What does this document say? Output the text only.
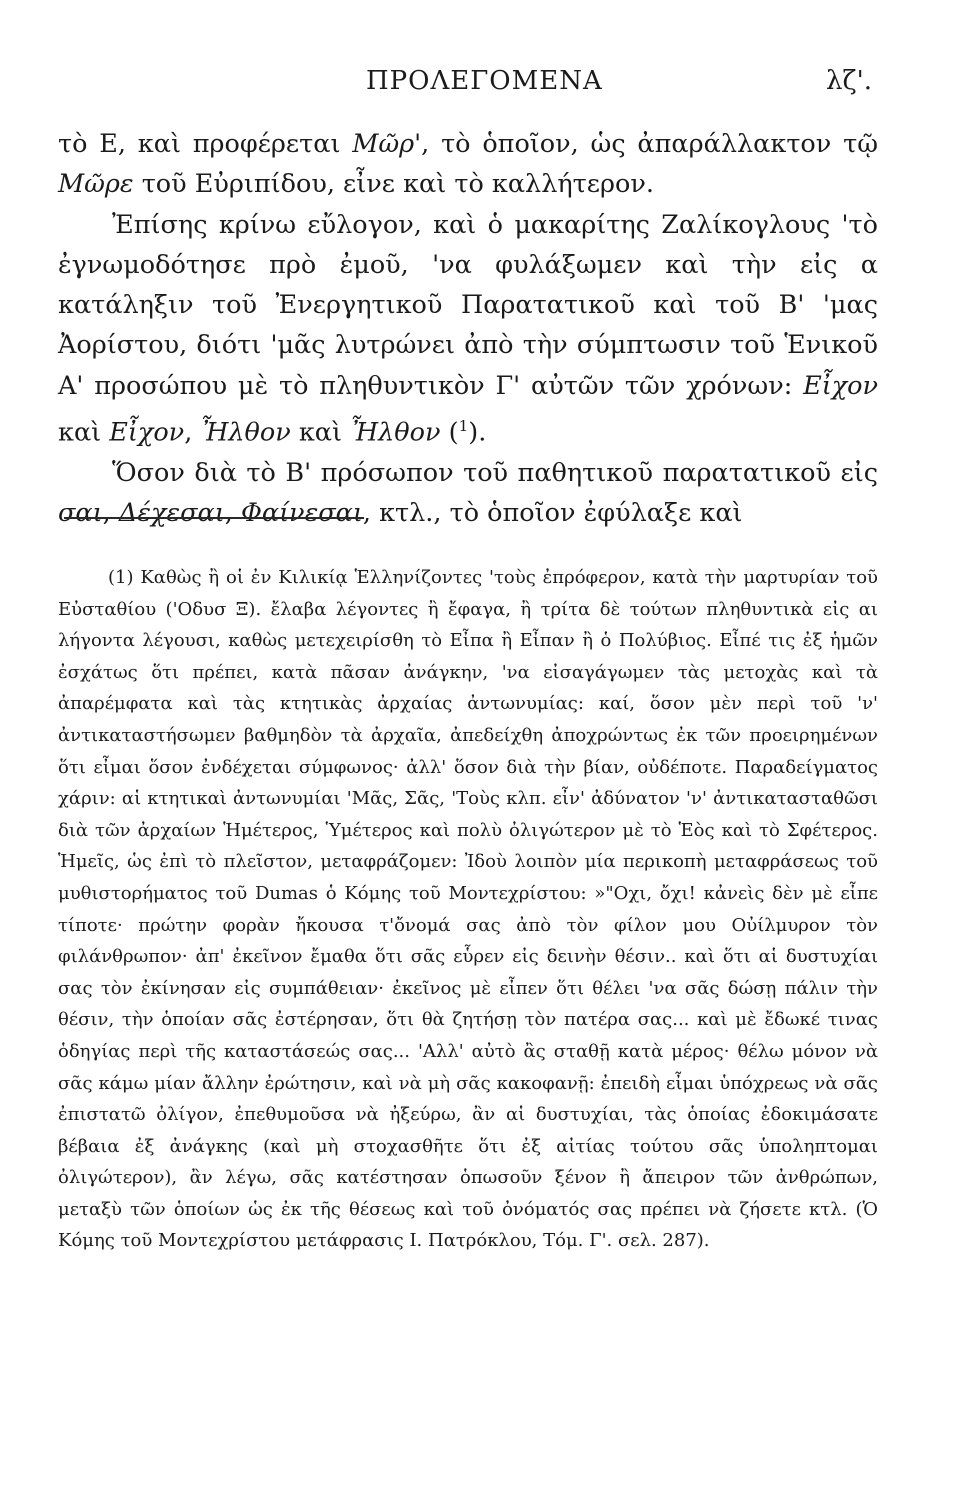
ΠΡΟΛΕΓΟΜΕΝΑ	λζ'.

τὸ Ε, καὶ προφέρεται Μῶρ', τὸ ὁποῖον, ὡς ἀπαράλλακτον τῷ Μῶρε τοῦ Εὐριπίδου, εἶνε καὶ τὸ καλλήτερον.

Ἐπίσης κρίνω εὔλογον, καὶ ὁ μακαρίτης Ζαλίκογλους 'τὸ ἐγνωμοδότησε πρὸ ἐμοῦ, 'να φυλάξωμεν καὶ τὴν εἰς α κατάληξιν τοῦ Ἐνεργητικοῦ Παρατατικοῦ καὶ τοῦ Β' 'μας Ἀορίστου, διότι 'μᾶς λυτρώνει ἀπὸ τὴν σύμπτωσιν τοῦ Ἑνικοῦ Α' προσώπου μὲ τὸ πληθυντικὸν Γ' αὐτῶν τῶν χρόνων: Εἶχον καὶ Εἶχον, Ἦλθον καὶ Ἦλθον ($^1$).

Ὅσον διὰ τὸ Β' πρόσωπον τοῦ παθητικοῦ παρατατικοῦ εἰς σαι, Δέχεσαι, Φαίνεσαι, κτλ., τὸ ὁποῖον ἐφύλαξε καὶ

(1) Καθὼς ἢ οἱ ἐν Κιλικίᾳ Ἑλληνίζοντες 'τοὺς ἐπρόφερον, κατὰ τὴν μαρτυρίαν τοῦ Εὐσταθίου ('Οδυσ Ξ). ἔλαβα λέγοντες ἢ ἔφαγα, ἢ τρίτα δὲ τούτων πληθυντικὰ εἰς αι λήγοντα λέγουσι, καθὼς μετεχειρίσθη τὸ Εἶπα ἢ Εἶπαν ἢ ὁ Πολύβιος. Εἶπέ τις ἐξ ἡμῶν ἐσχάτως ὅτι πρέπει, κατὰ πᾶσαν ἀνάγκην, 'να εἰσαγάγωμεν τὰς μετοχὰς καὶ τὰ ἀπαρέμφατα καὶ τὰς κτητικὰς ἀρχαίας ἀντωνυμίας: καί, ὅσον μὲν περὶ τοῦ 'ν' ἀντικαταστήσωμεν βαθμηδὸν τὰ ἀρχαῖα, ἀπεδείχθη ἀποχρώντως ἐκ τῶν προειρημένων ὅτι εἶμαι ὅσον ἐνδέχεται σύμφωνος· ἀλλ' ὅσον διὰ τὴν βίαν, οὐδέποτε. Παραδείγματος χάριν: αἱ κτητικαὶ ἀντωνυμίαι 'Μᾶς, Σᾶς, 'Τοὺς κλπ. εἶν' ἀδύνατον 'ν' ἀντικατασταθῶσι διὰ τῶν ἀρχαίων Ἡμέτερος, Ὑμέτερος καὶ πολὺ ὀλιγώτερον μὲ τὸ Ἑὸς καὶ τὸ Σφέτερος. Ἡμεῖς, ὡς ἐπὶ τὸ πλεῖστον, μεταφράζομεν: Ἰδοὺ λοιπὸν μία περικοπὴ μεταφράσεως τοῦ μυθιστορήματος τοῦ Dumas ὁ Κόμης τοῦ Μοντεχρίστου: »"Οχι, ὄχι! κἀνεὶς δὲν μὲ εἶπε τίποτε· πρώτην φορὰν ἤκουσα τ'ὄνομά σας ἀπὸ τὸν φίλον μου Οὐίλμυρον τὸν φιλάνθρωπον· ἀπ' ἐκεῖνον ἔμαθα ὅτι σᾶς εὗρεν εἰς δεινὴν θέσιν.. καὶ ὅτι αἱ δυστυχίαι σας τὸν ἐκίνησαν εἰς συμπάθειαν· ἐκεῖνος μὲ εἶπεν ὅτι θέλει 'να σᾶς δώσῃ πάλιν τὴν θέσιν, τὴν ὁποίαν σᾶς ἐστέρησαν, ὅτι θὰ ζητήσῃ τὸν πατέρα σας... καὶ μὲ ἔδωκέ τινας ὁδηγίας περὶ τῆς καταστάσεώς σας... 'Αλλ' αὐτὸ ἂς σταθῇ κατὰ μέρος· θέλω μόνον νὰ σᾶς κάμω μίαν ἄλλην ἐρώτησιν, καὶ νὰ μὴ σᾶς κακοφανῇ: ἐπειδὴ εἶμαι ὑπόχρεως νὰ σᾶς ἐπιστατῶ ὀλίγον, ἐπεθυμοῦσα νὰ ἠξεύρω, ἂν αἱ δυστυχίαι, τὰς ὁποίας ἐδοκιμάσατε βέβαια ἐξ ἀνάγκης (καὶ μὴ στοχασθῆτε ὅτι ἐξ αἰτίας τούτου σᾶς ὑποληπτομαι ὀλιγώτερον), ἂν λέγω, σᾶς κατέστησαν ὁπωσοῦν ξένον ἢ ἄπειρον τῶν ἀνθρώπων, μεταξὺ τῶν ὁποίων ὡς ἐκ τῆς θέσεως καὶ τοῦ ὀνόματός σας πρέπει νὰ ζήσετε κτλ. (Ὁ Κόμης τοῦ Μοντεχρίστου μετάφρασις Ι. Πατρόκλου, Τόμ. Γ'. σελ. 287).
